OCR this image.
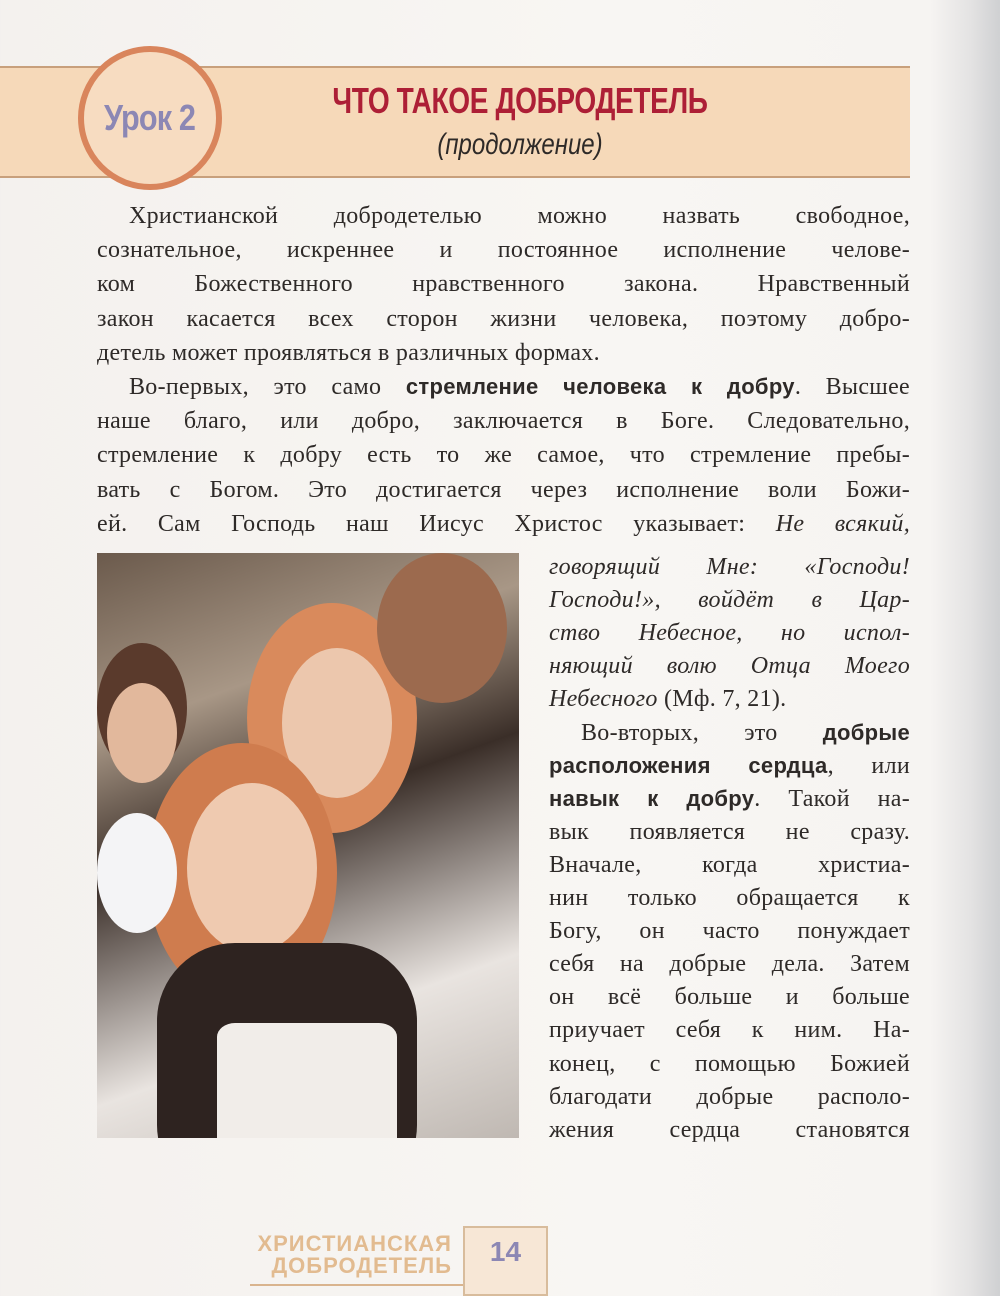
Урок 2	ЧТО ТАКОЕ ДОБРОДЕТЕЛЬ
(продолжение)
Христианской добродетелью можно назвать свободное,
сознательное, искреннее и постоянное исполнение челове-
ком Божественного нравственного закона. Нравственный
закон касается всех сторон жизни человека, поэтому добро-
детель может проявляться в различных формах.
Во-первых, это само стремление человека к добру. Высшее
наше благо, или добро, заключается в Боге. Следовательно,
стремление к добру есть то же самое, что стремление пребы-
вать с Богом. Это достигается через исполнение воли Божи-
ей. Сам Господь наш Иисус Христос указывает: Не всякий,
говорящий Мне: «Господи!
Господи!», войдёт в Цар-
ство Небесное, но испол-
няющий волю Отца Моего
Небесного (Мф. 7, 21).
Во-вторых, это добрые
расположения сердца, или
навык к добру. Такой на-
вык появляется не сразу.
Вначале, когда христиа-
нин только обращается к
Богу, он часто понуждает
себя на добрые дела. Затем
он всё больше и больше
приучает себя к ним. На-
конец, с помощью Божией
благодати добрые располо-
жения сердца становятся
ХРИСТИАНСКАЯ
ДОБРОДЕТЕЛЬ	14
